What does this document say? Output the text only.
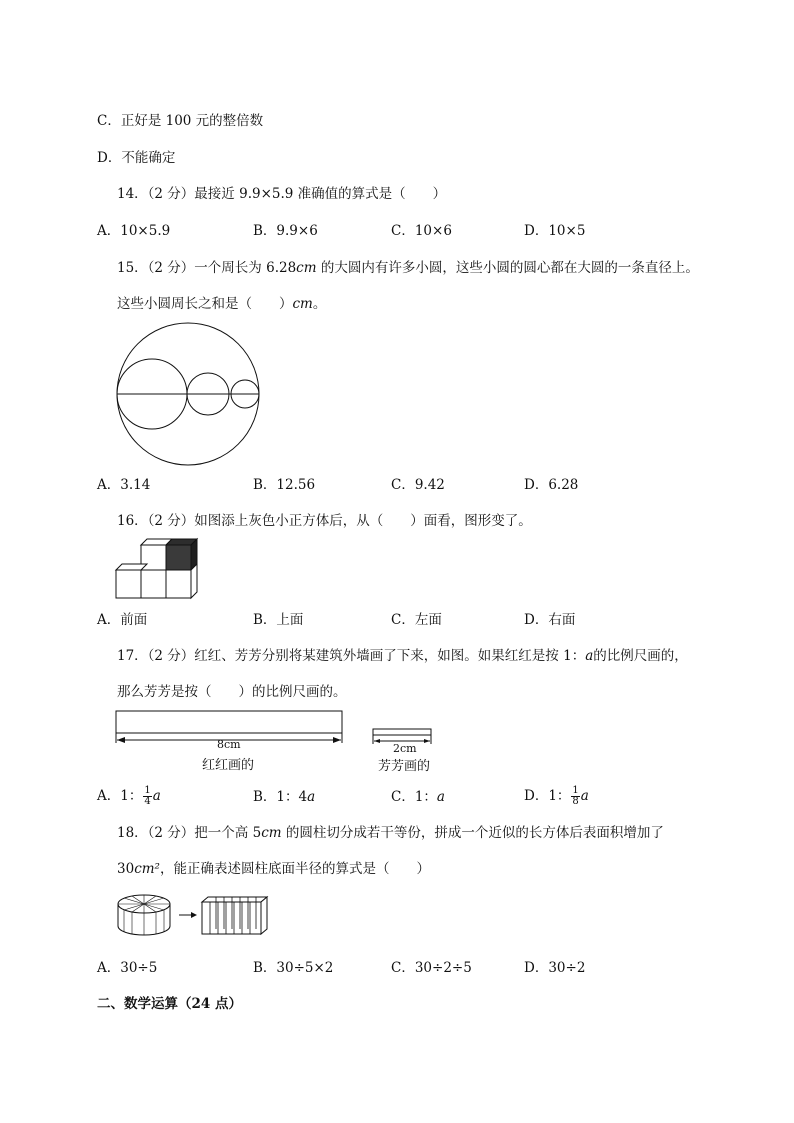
C．正好是 100 元的整倍数
D．不能确定
14．（2 分）最接近 9.9×5.9 准确值的算式是（　　）
A．10×5.9	B．9.9×6	C．10×6	D．10×5
15．（2 分）一个周长为 6.28cm 的大圆内有许多小圆，这些小圆的圆心都在大圆的一条直径上。
这些小圆周长之和是（　　）cm。
A．3.14	B．12.56	C．9.42	D．6.28
16．（2 分）如图添上灰色小正方体后，从（　　）面看，图形变了。
A．前面	B．上面	C．左面	D．右面
17．（2 分）红红、芳芳分别将某建筑外墙画了下来，如图。如果红红是按 1：a的比例尺画的，
那么芳芳是按（　　）的比例尺画的。
8cm
红红画的
2cm
芳芳画的
A．1： $\frac{1}{4}$ a	B．1：4a	C．1：a	D．1： $\frac{1}{8}$ a
18．（2 分）把一个高 5cm 的圆柱切分成若干等份，拼成一个近似的长方体后表面积增加了
30cm²，能正确表述圆柱底面半径的算式是（　　）
A．30÷5	B．30÷5×2	C．30÷2÷5	D．30÷2
二、数学运算（24 点）
